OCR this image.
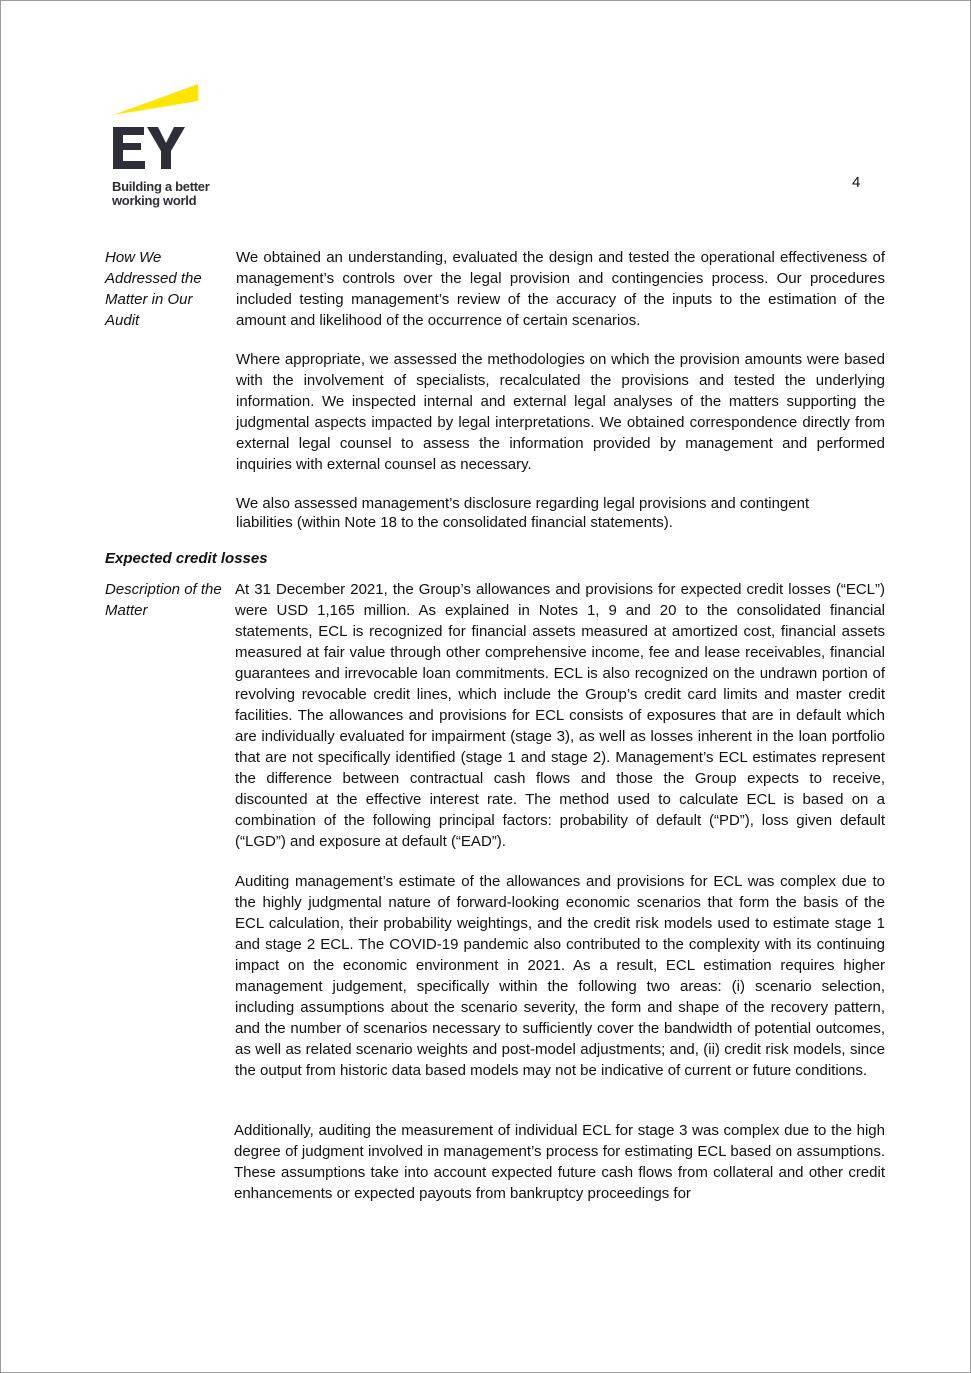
Building a better
working world
4
How We Addressed the Matter in Our Audit

We obtained an understanding, evaluated the design and tested the operational effectiveness of management’s controls over the legal provision and contingencies process. Our procedures included testing management’s review of the accuracy of the inputs to the estimation of the amount and likelihood of the occurrence of certain scenarios.

Where appropriate, we assessed the methodologies on which the provision amounts were based with the involvement of specialists, recalculated the provisions and tested the underlying information. We inspected internal and external legal analyses of the matters supporting the judgmental aspects impacted by legal interpretations. We obtained correspondence directly from external legal counsel to assess the information provided by management and performed inquiries with external counsel as necessary.

We also assessed management’s disclosure regarding legal provisions and contingent liabilities (within Note 18 to the consolidated financial statements).

Expected credit losses
Description of the Matter

At 31 December 2021, the Group’s allowances and provisions for expected credit losses (“ECL”) were USD 1,165 million. As explained in Notes 1, 9 and 20 to the consolidated financial statements, ECL is recognized for financial assets measured at amortized cost, financial assets measured at fair value through other comprehensive income, fee and lease receivables, financial guarantees and irrevocable loan commitments. ECL is also recognized on the undrawn portion of revolving revocable credit lines, which include the Group’s credit card limits and master credit facilities. The allowances and provisions for ECL consists of exposures that are in default which are individually evaluated for impairment (stage 3), as well as losses inherent in the loan portfolio that are not specifically identified (stage 1 and stage 2). Management’s ECL estimates represent the difference between contractual cash flows and those the Group expects to receive, discounted at the effective interest rate. The method used to calculate ECL is based on a combination of the following principal factors: probability of default (“PD”), loss given default (“LGD”) and exposure at default (“EAD”).

Auditing management’s estimate of the allowances and provisions for ECL was complex due to the highly judgmental nature of forward-looking economic scenarios that form the basis of the ECL calculation, their probability weightings, and the credit risk models used to estimate stage 1 and stage 2 ECL. The COVID-19 pandemic also contributed to the complexity with its continuing impact on the economic environment in 2021. As a result, ECL estimation requires higher management judgement, specifically within the following two areas: (i) scenario selection, including assumptions about the scenario severity, the form and shape of the recovery pattern, and the number of scenarios necessary to sufficiently cover the bandwidth of potential outcomes, as well as related scenario weights and post-model adjustments; and, (ii) credit risk models, since the output from historic data based models may not be indicative of current or future conditions.

Additionally, auditing the measurement of individual ECL for stage 3 was complex due to the high degree of judgment involved in management’s process for estimating ECL based on assumptions. These assumptions take into account expected future cash flows from collateral and other credit enhancements or expected payouts from bankruptcy proceedings for
